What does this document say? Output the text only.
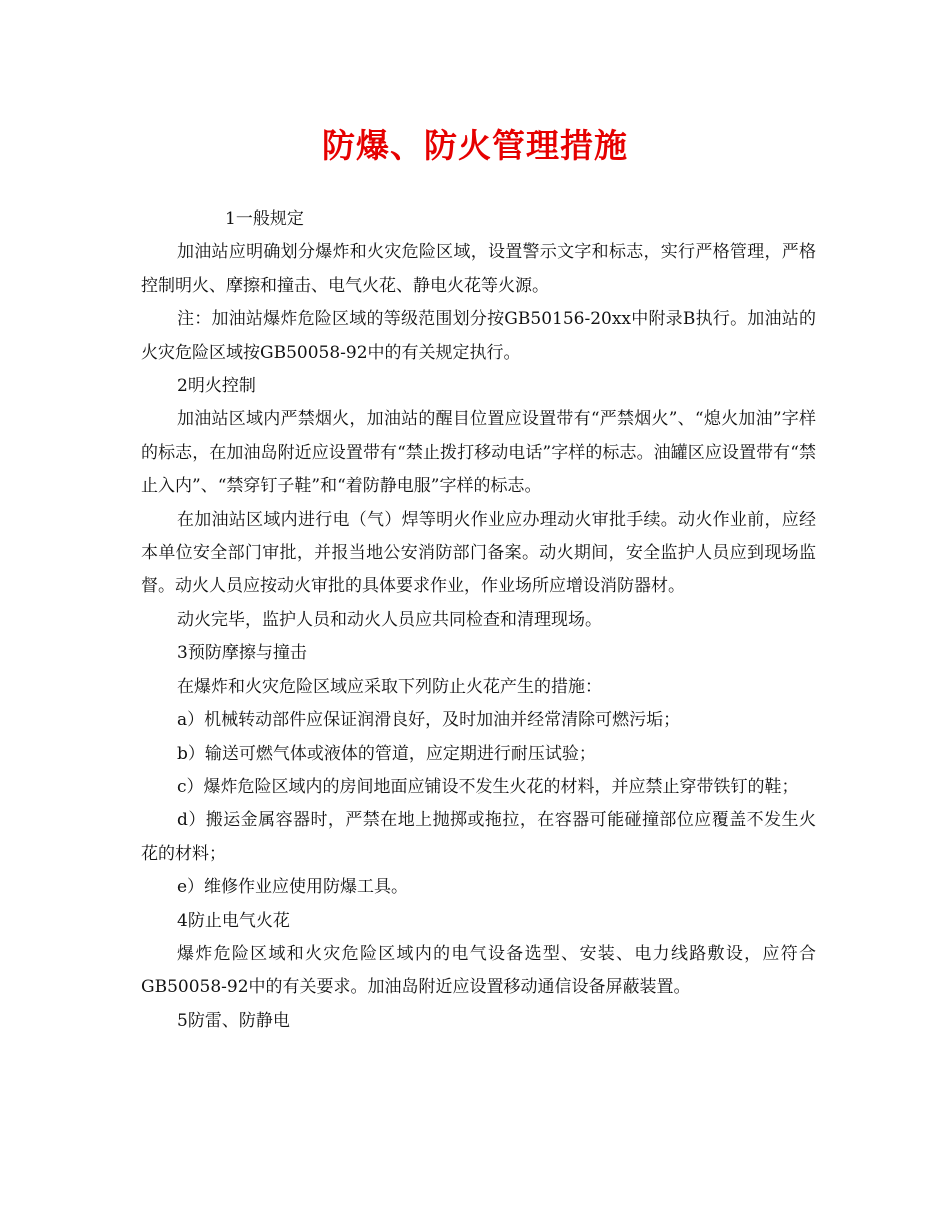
防爆、防火管理措施

1一般规定

加油站应明确划分爆炸和火灾危险区域，设置警示文字和标志，实行严格管理，严格控制明火、摩擦和撞击、电气火花、静电火花等火源。

注：加油站爆炸危险区域的等级范围划分按GB50156-20xx中附录B执行。加油站的火灾危险区域按GB50058-92中的有关规定执行。

2明火控制

加油站区域内严禁烟火，加油站的醒目位置应设置带有“严禁烟火”、“熄火加油”字样的标志，在加油岛附近应设置带有“禁止拨打移动电话”字样的标志。油罐区应设置带有“禁止入内”、“禁穿钉子鞋”和“着防静电服”字样的标志。

在加油站区域内进行电（气）焊等明火作业应办理动火审批手续。动火作业前，应经本单位安全部门审批，并报当地公安消防部门备案。动火期间，安全监护人员应到现场监督。动火人员应按动火审批的具体要求作业，作业场所应增设消防器材。

动火完毕，监护人员和动火人员应共同检查和清理现场。

3预防摩擦与撞击

在爆炸和火灾危险区域应采取下列防止火花产生的措施：

a）机械转动部件应保证润滑良好，及时加油并经常清除可燃污垢；

b）输送可燃气体或液体的管道，应定期进行耐压试验；

c）爆炸危险区域内的房间地面应铺设不发生火花的材料，并应禁止穿带铁钉的鞋；

d）搬运金属容器时，严禁在地上抛掷或拖拉，在容器可能碰撞部位应覆盖不发生火花的材料；

e）维修作业应使用防爆工具。

4防止电气火花

爆炸危险区域和火灾危险区域内的电气设备选型、安装、电力线路敷设，应符合GB50058-92中的有关要求。加油岛附近应设置移动通信设备屏蔽装置。

5防雷、防静电
